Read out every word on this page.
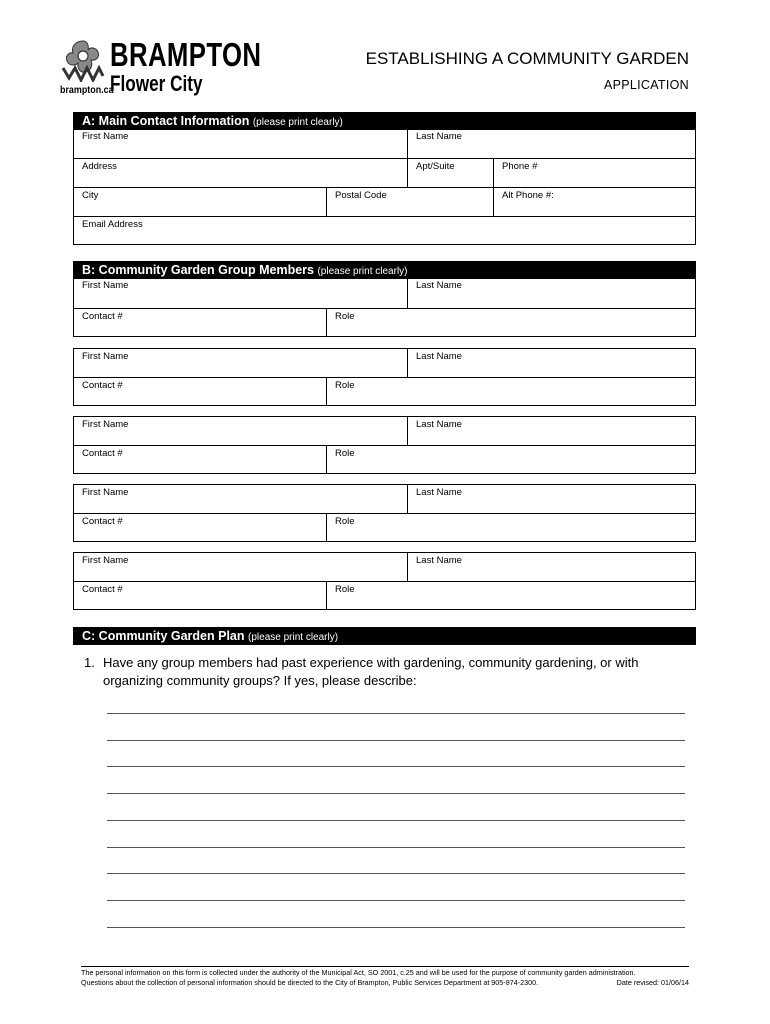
BRAMPTON
Flower City
brampton.ca
ESTABLISHING A COMMUNITY GARDEN
APPLICATION
A: Main Contact Information (please print clearly)
First Name	Last Name
Address	Apt/Suite	Phone #
City	Postal Code	Alt Phone #:
Email Address
B: Community Garden Group Members (please print clearly)
First Name	Last Name
Contact #	Role
First Name	Last Name
Contact #	Role
First Name	Last Name
Contact #	Role
First Name	Last Name
Contact #	Role
First Name	Last Name
Contact #	Role
C: Community Garden Plan (please print clearly)
1. Have any group members had past experience with gardening, community gardening, or with organizing community groups? If yes, please describe:
The personal information on this form is collected under the authority of the Municipal Act, SO 2001, c.25 and will be used for the purpose of community garden administration.
Questions about the collection of personal information should be directed to the City of Brampton, Public Services Department at 905-874-2300.	Date revised: 01/06/14
